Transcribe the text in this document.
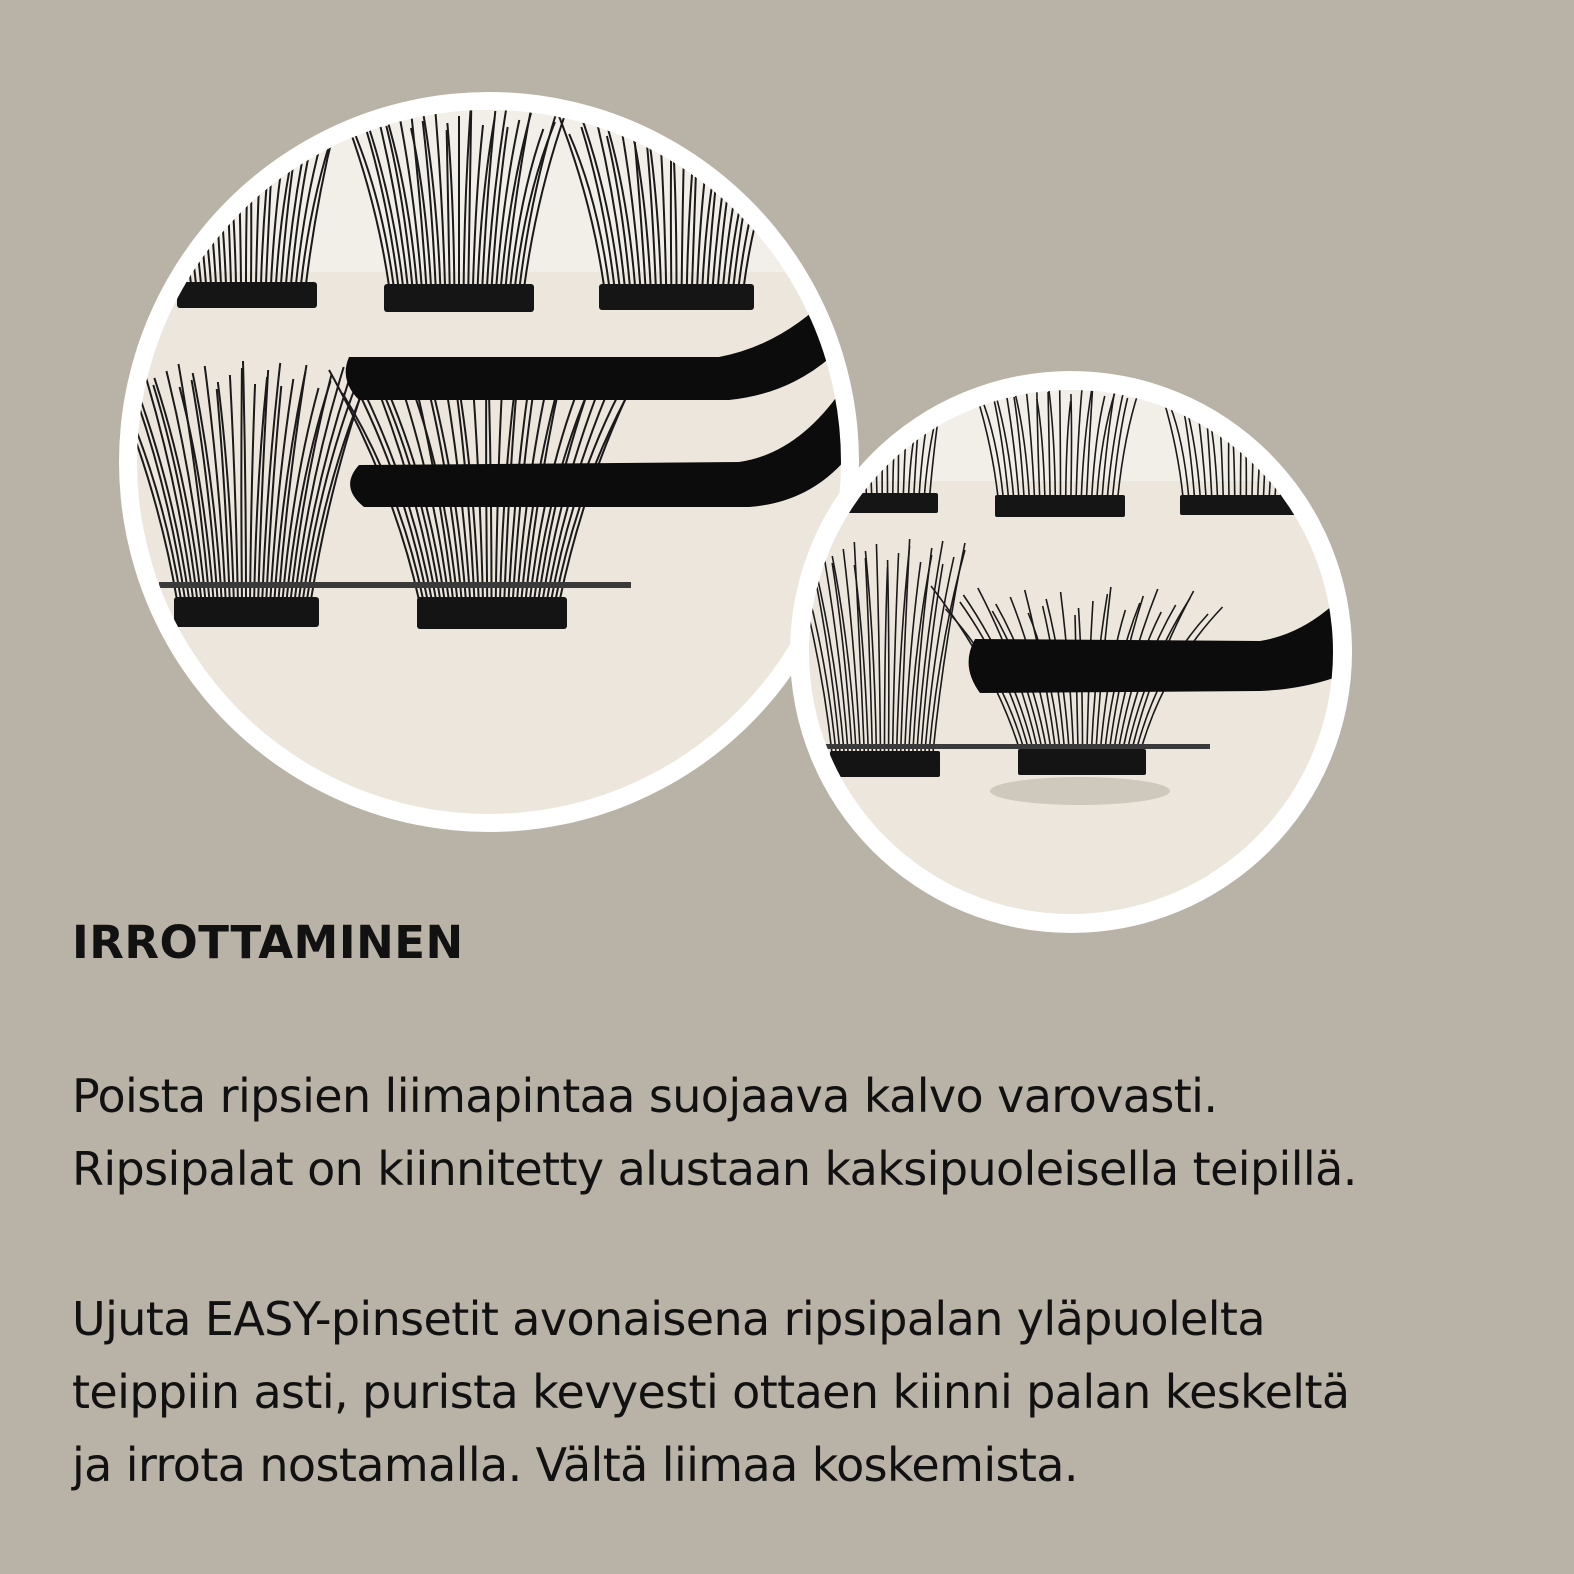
IRROTTAMINEN
Poista ripsien liimapintaa suojaava kalvo varovasti.
Ripsipalat on kiinnitetty alustaan kaksipuoleisella teipillä.
Ujuta EASY-pinsetit avonaisena ripsipalan yläpuolelta
teippiin asti, purista kevyesti ottaen kiinni palan keskeltä
ja irrota nostamalla. Vältä liimaa koskemista.
